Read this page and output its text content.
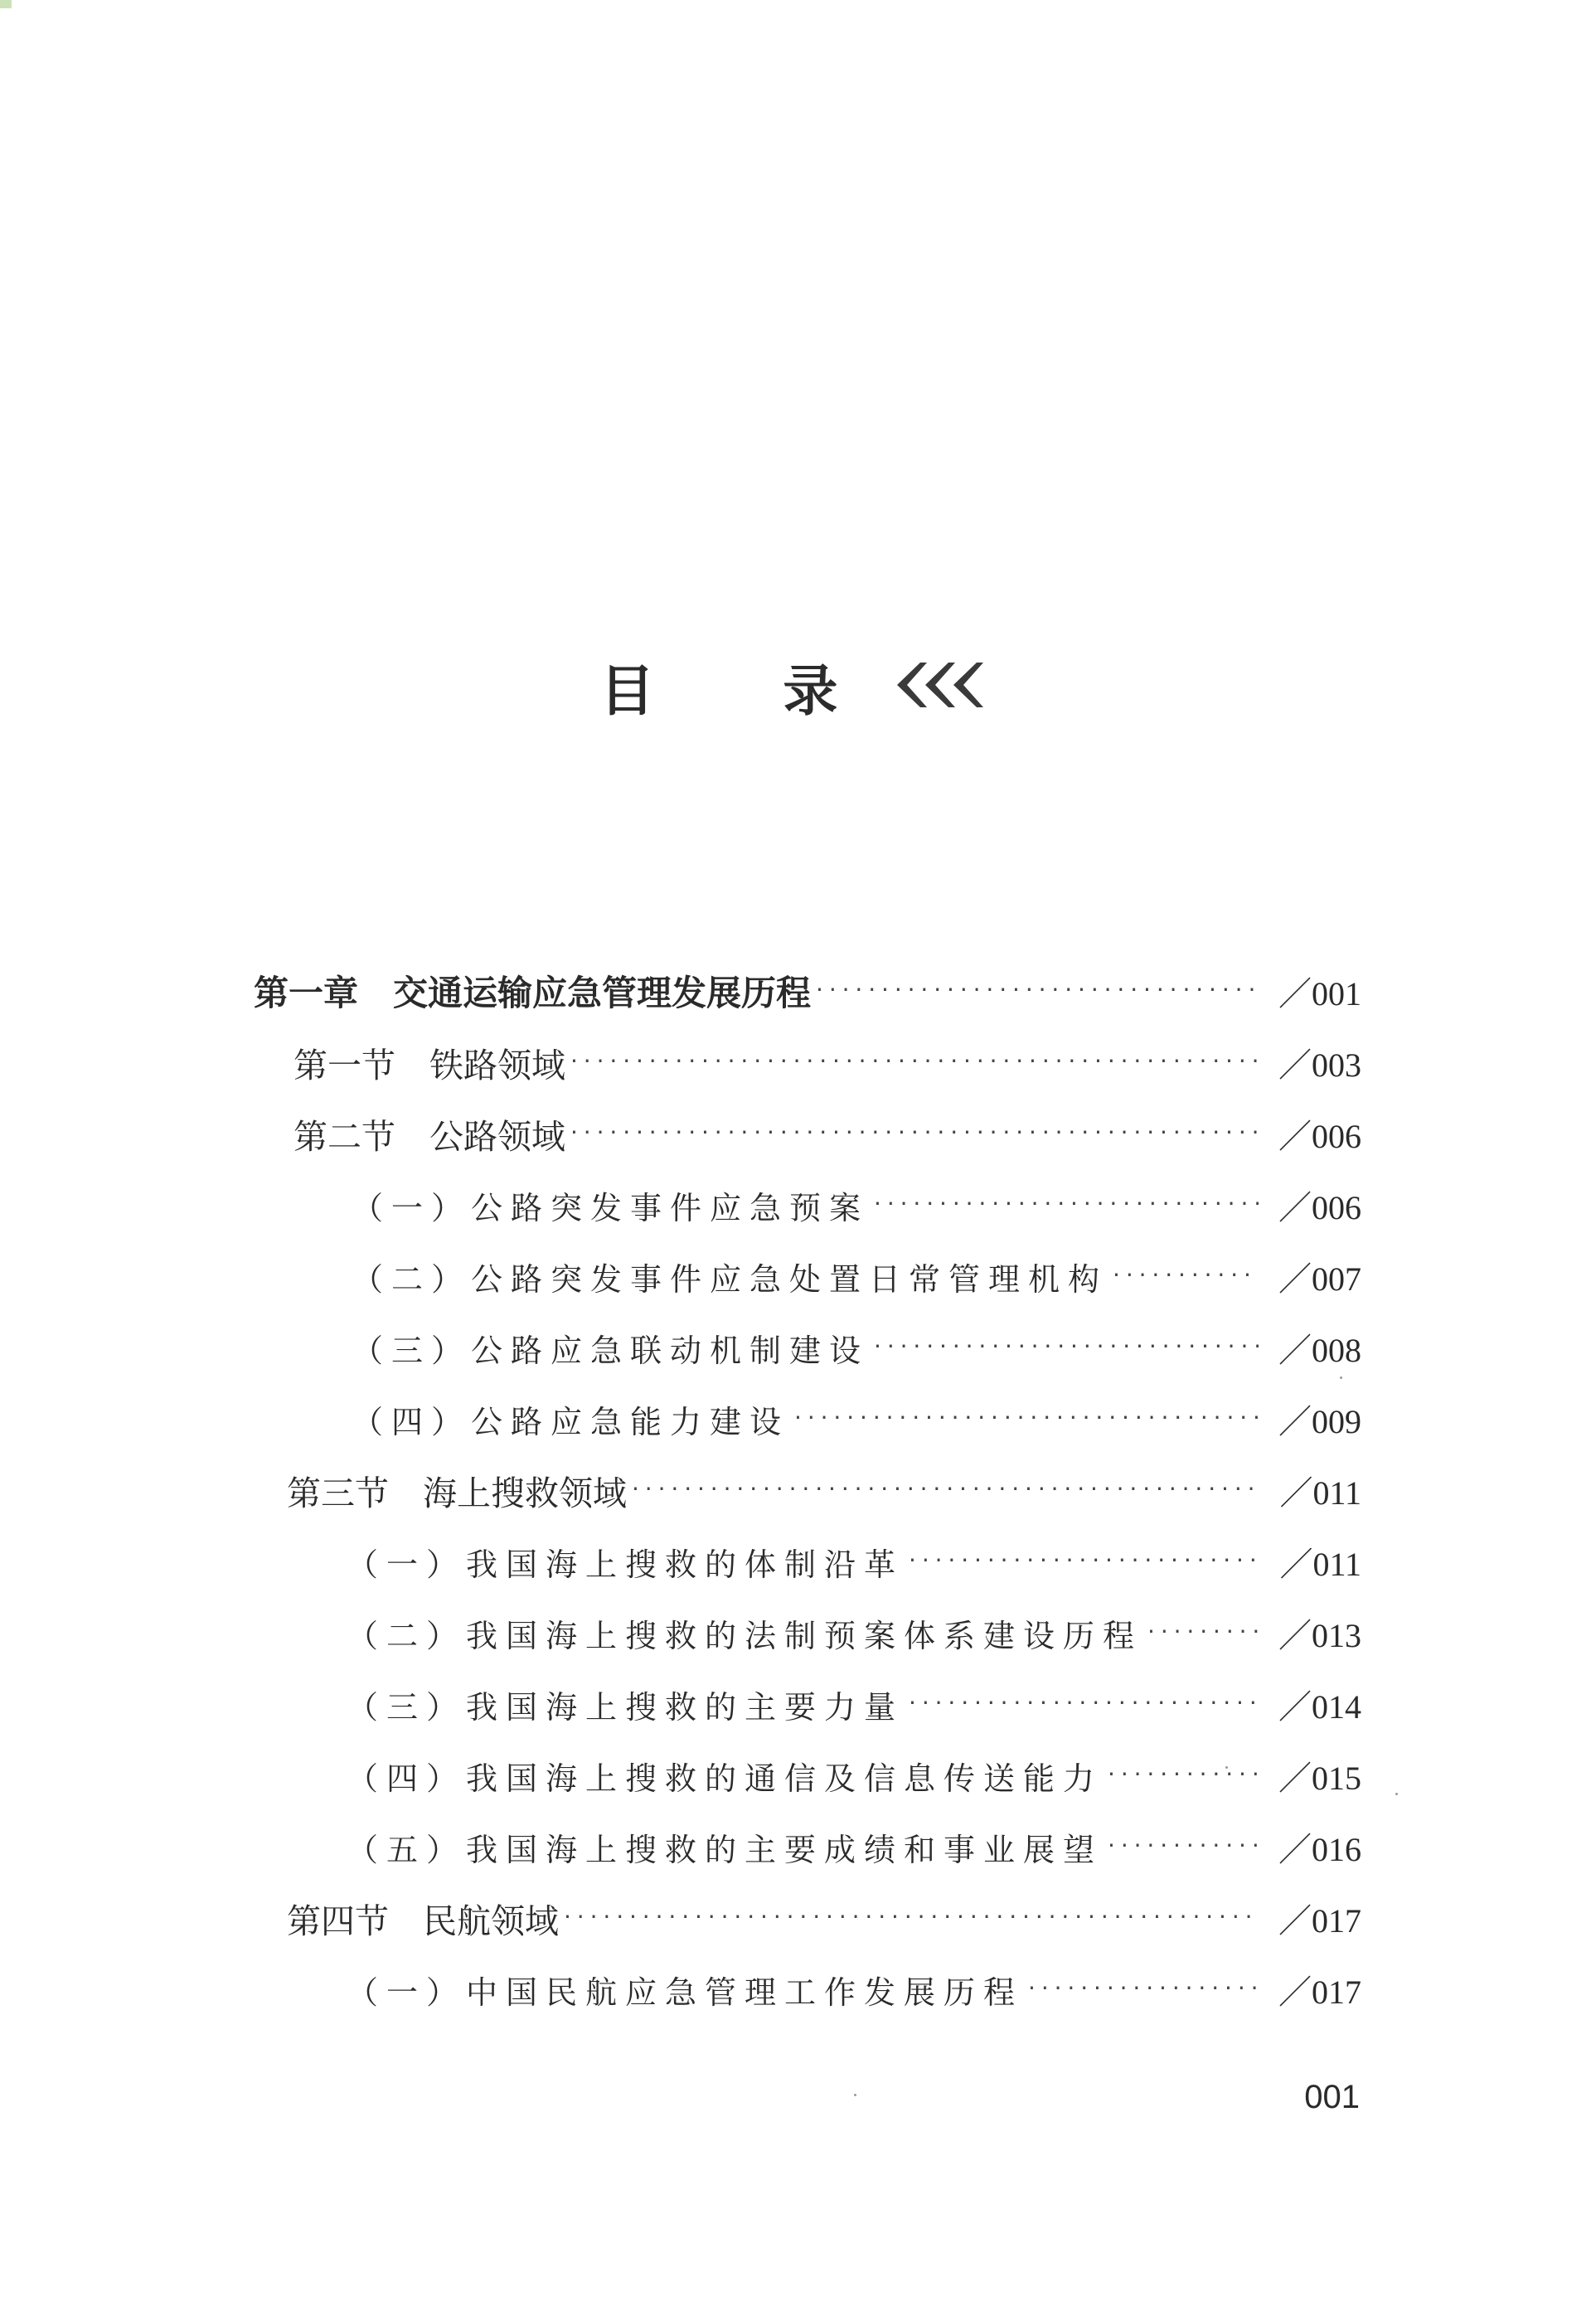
目 录
第一章　交通运输应急管理发展历程 · · ·	／001
第一节　铁路领域 · · ·	／003
第二节　公路领域 · · ·	／006
（一）公路突发事件应急预案 · · ·	／006
（二）公路突发事件应急处置日常管理机构 · · ·	／007
（三）公路应急联动机制建设 · · ·	／008
（四）公路应急能力建设 · · ·	／009
第三节　海上搜救领域 · · ·	／011
（一）我国海上搜救的体制沿革 · · ·	／011
（二）我国海上搜救的法制预案体系建设历程 · · ·	／013
（三）我国海上搜救的主要力量 · · ·	／014
（四）我国海上搜救的通信及信息传送能力 · · ·	／015
（五）我国海上搜救的主要成绩和事业展望 · · ·	／016
第四节　民航领域 · · ·	／017
（一）中国民航应急管理工作发展历程 · · ·	／017
001
